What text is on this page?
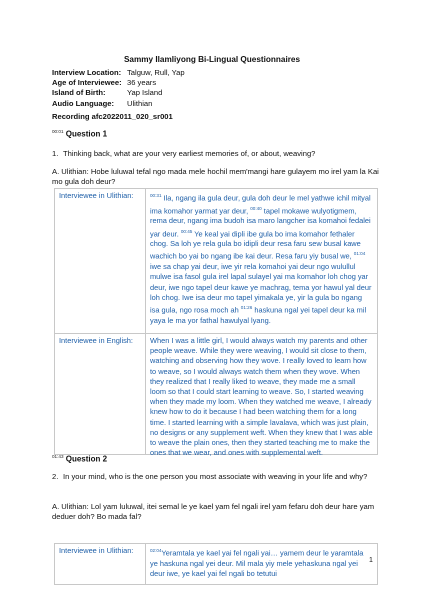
Sammy Ilamliyong Bi-Lingual Questionnaires
Interview Location: Talguw, Rull, Yap
Age of Interviewee: 36 years
Island of Birth:	Yap Island
Audio Language:	Ulithian
Recording afc2022011_020_sr001
$^{00:01}$ Question 1
1. Thinking back, what are your very earliest memories of, or about, weaving?
A. Ulithian: Hobe luluwal tefal ngo mada mele hochil mem'mangi hare gulayem mo irel yam la Kai mo gula doh deur?
Interviewee in Ulithian:	$^{00:31}$ Ila, ngang ila gula deur, gula doh deur le mel yathwe ichil mityal ima komahor yarmat yar deur, $^{00:40}$ tapel mokawe wulyotigmem, rema deur, ngang ima budoh isa maro langcher isa komahoi fedalei yar deur. $^{00:45}$ Ye keal yai dipli ibe gula bo ima komahor fethaler chog. Sa loh ye rela gula bo idipli deur resa faru sew busal kawe wachich bo yai bo ngang ibe kai deur. Resa faru yiy busal we, $^{01:04}$ iwe sa chap yai deur, iwe yir rela komahoi yai deur ngo wulullul mulwe isa fasol gula irel lapal sulayel yai ma komahor loh chog yar deur, iwe ngo tapel deur kawe ye machrag, tema yor hawul yal deur loh chog. Iwe isa deur mo tapel yimakala ye, yir la gula bo ngang isa gula, ngo rosa moch ah $^{01:26}$ haskuna ngal yei tapel deur ka mil yaya le ma yor fathal hawulyal lyang.
Interviewee in English:	When I was a little girl, I would always watch my parents and other people weave. While they were weaving, I would sit close to them, watching and observing how they wove. I really loved to learn how to weave, so I would always watch them when they wove. When they realized that I really liked to weave, they made me a small loom so that I could start learning to weave. So, I started weaving when they made my loom. When they watched me weave, I already knew how to do it because I had been watching them for a long time. I started learning with a simple lavalava, which was just plain, no designs or any supplement weft. When they knew that I was able to weave the plain ones, then they started teaching me to make the ones that we wear, and ones with supplemental weft.
$^{01:43}$ Question 2
2. In your mind, who is the one person you most associate with weaving in your life and why?
A. Ulithian: Lol yam luluwal, itei semal le ye kael yam fel ngali irel yam fefaru doh deur hare yam deduer doh? Bo mada fal?
Interviewee in Ulithian:	$^{02:04}$Yeramtala ye kael yai fel ngali yai… yamem deur le yaramtala ye haskuna ngal yei deur. Mil mala yiy mele yehaskuna ngal yei deur iwe, ye kael yai fel ngali bo tetutui
1
